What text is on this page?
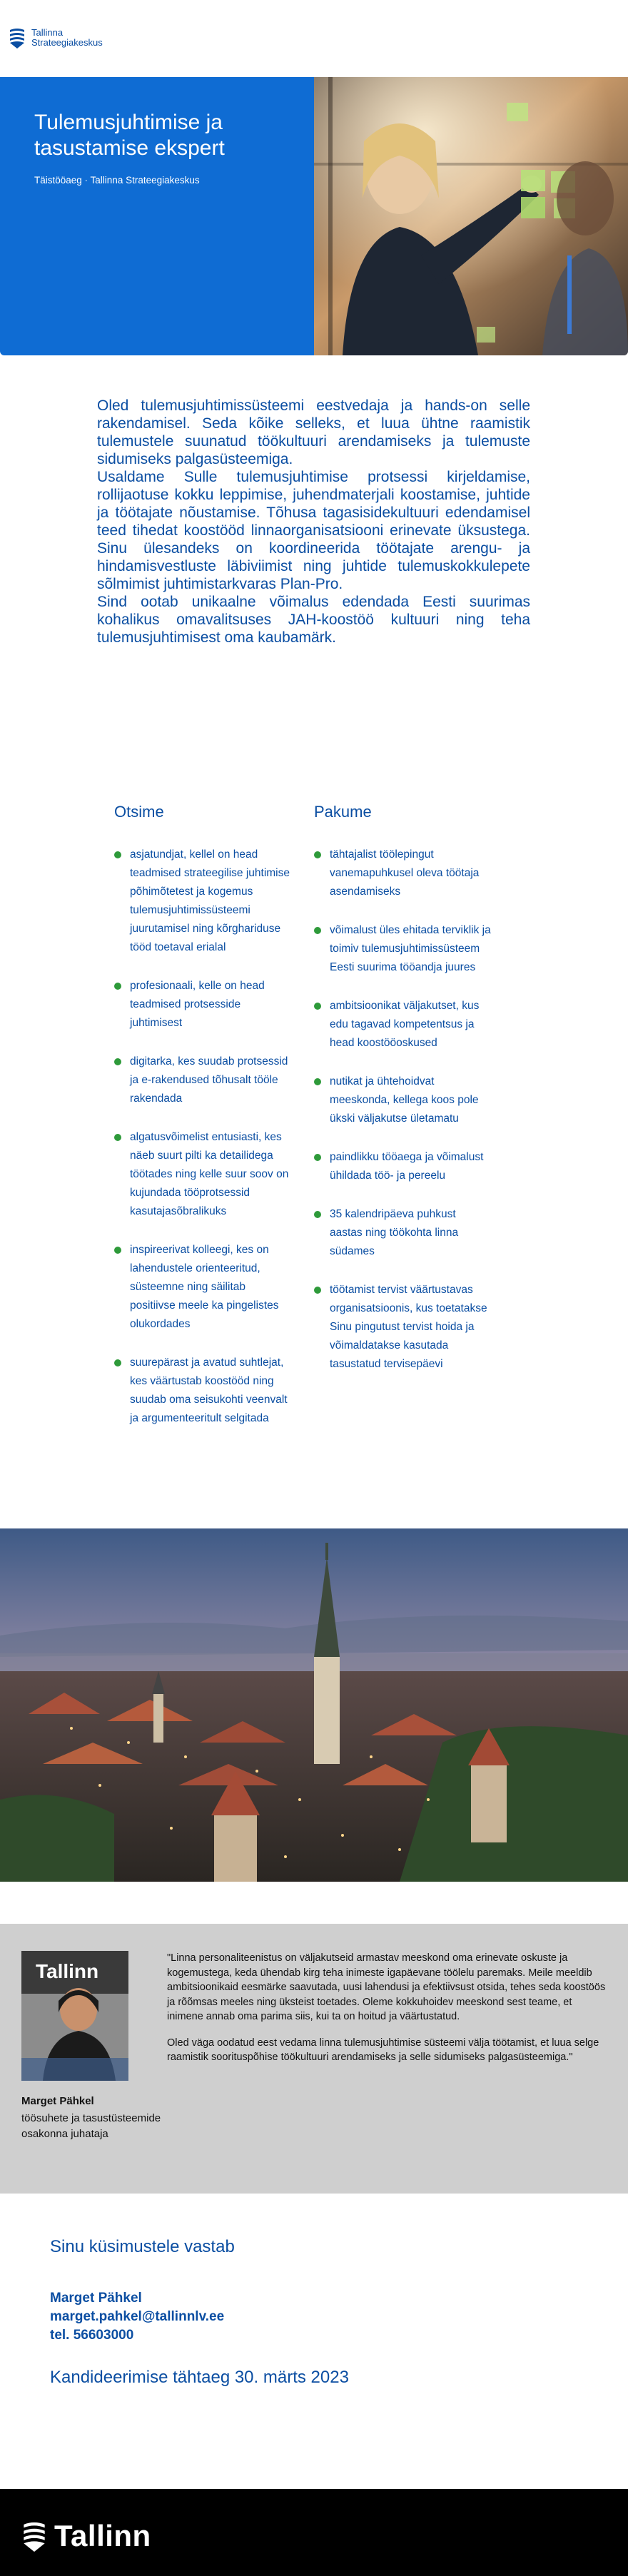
Tallinna
Strateegiakeskus
Tulemusjuhtimise ja tasustamise ekspert
Täistööaeg · Tallinna Strateegiakeskus

Oled tulemusjuhtimissüsteemi eestvedaja ja hands-on selle rakendamisel. Seda kõike selleks, et luua ühtne raamistik tulemustele suunatud töökultuuri arendamiseks ja tulemuste sidumiseks palgasüsteemiga.

Usaldame Sulle tulemusjuhtimise protsessi kirjeldamise, rollijaotuse kokku leppimise, juhendmaterjali koostamise, juhtide ja töötajate nõustamise. Tõhusa tagasisidekultuuri edendamisel teed tihedat koostööd linnaorganisatsiooni erinevate üksustega. Sinu ülesandeks on koordineerida töötajate arengu- ja hindamisvestluste läbiviimist ning juhtide tulemuskokkulepete sõlmimist juhtimistarkvaras Plan-Pro.

Sind ootab unikaalne võimalus edendada Eesti suurimas kohalikus omavalitsuses JAH-koostöö kultuuri ning teha tulemusjuhtimisest oma kaubamärk.

Otsime
asjatundjat, kellel on head teadmised strateegilise juhtimise põhimõtetest ja kogemus tulemusjuhtimissüsteemi juurutamisel ning kõrghariduse tööd toetaval erialal
profesionaali, kelle on head teadmised protsesside juhtimisest
digitarka, kes suudab protsessid ja e-rakendused tõhusalt tööle rakendada
algatusvõimelist entusiasti, kes näeb suurt pilti ka detailidega töötades ning kelle suur soov on kujundada tööprotsessid kasutajasõbralikuks
inspireerivat kolleegi, kes on lahendustele orienteeritud, süsteemne ning säilitab positiivse meele ka pingelistes olukordades
suurepärast ja avatud suhtlejat, kes väärtustab koostööd ning suudab oma seisukohti veenvalt ja argumenteeritult selgitada
Pakume
tähtajalist töölepingut vanemapuhkusel oleva töötaja asendamiseks
võimalust üles ehitada terviklik ja toimiv tulemusjuhtimissüsteem Eesti suurima tööandja juures
ambitsioonikat väljakutset, kus edu tagavad kompetentsus ja head koostööoskused
nutikat ja ühtehoidvat meeskonda, kellega koos pole ükski väljakutse ületamatu
paindlikku tööaega ja võimalust ühildada töö- ja pereelu
35 kalendripäeva puhkust aastas ning töökohta linna südames
töötamist tervist väärtustavas organisatsioonis, kus toetatakse Sinu pingutust tervist hoida ja võimaldatakse kasutada tasustatud tervisepäevi
Tallinn
Marget Pähkel
töösuhete ja tasustüsteemide osakonna juhataja

"Linna personaliteenistus on väljakutseid armastav meeskond oma erinevate oskuste ja kogemustega, keda ühendab kirg teha inimeste igapäevane töölelu paremaks. Meile meeldib ambitsioonikaid eesmärke saavutada, uusi lahendusi ja efektiivsust otsida, tehes seda koostöös ja rõõmsas meeles ning üksteist toetades. Oleme kokkuhoidev meeskond sest teame, et inimene annab oma parima siis, kui ta on hoitud ja väärtustatud.

Oled väga oodatud eest vedama linna tulemusjuhtimise süsteemi välja töötamist, et luua selge raamistik soorituspõhise töökultuuri arendamiseks ja selle sidumiseks palgasüsteemiga."

Sinu küsimustele vastab
Marget Pähkel
marget.pahkel@tallinnlv.ee
tel. 56603000
Kandideerimise tähtaeg 30. märts 2023
Tallinn
